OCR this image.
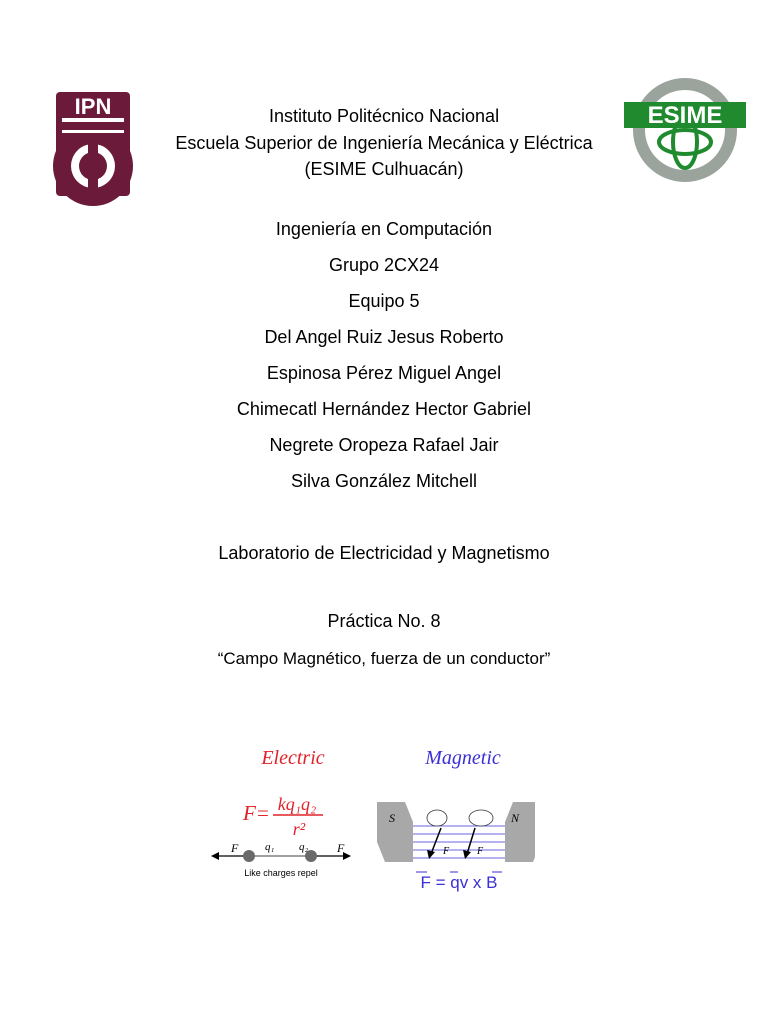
IPN	ESIME
Instituto Politécnico Nacional
Escuela Superior de Ingeniería Mecánica y Eléctrica
(ESIME Culhuacán)
Ingeniería en Computación
Grupo 2CX24
Equipo 5
Del Angel Ruiz Jesus Roberto
Espinosa Pérez Miguel Angel
Chimecatl Hernández Hector Gabriel
Negrete Oropeza Rafael Jair
Silva González Mitchell
Laboratorio de Electricidad y Magnetismo
Práctica No. 8
“Campo Magnético, fuerza de un conductor”
Electric
F = kq₁q₂
r²
F q₁ q₂ F
Like charges repel
Magnetic
S	N
F	F
F = qv x B
